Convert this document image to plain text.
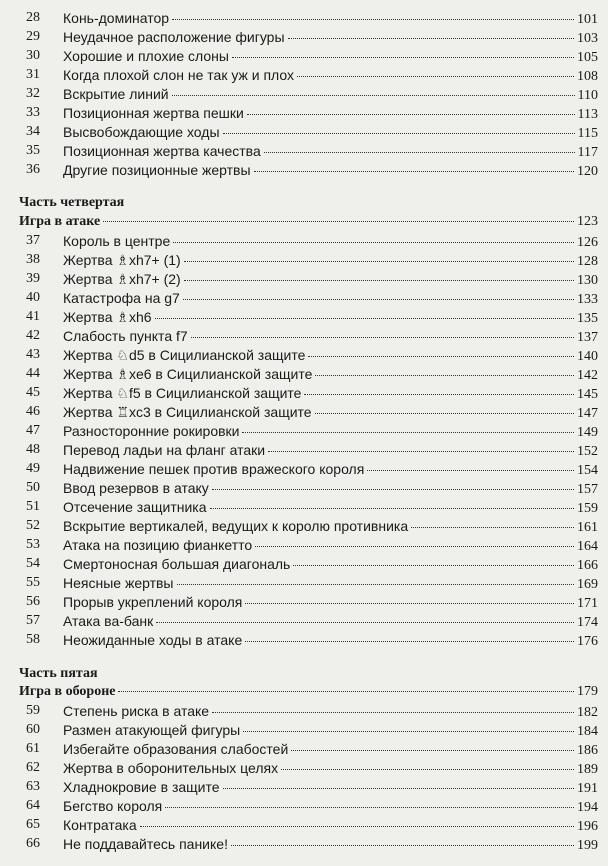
28 Конь-доминатор	101
29 Неудачное расположение фигуры	103
30 Хорошие и плохие слоны	105
31 Когда плохой слон не так уж и плох	108
32 Вскрытие линий	110
33 Позиционная жертва пешки	113
34 Высвобождающие ходы	115
35 Позиционная жертва качества	117
36 Другие позиционные жертвы	120
Часть четвертая
Игра в атаке	123
37 Король в центре	126
38 Жертва ♗xh7+ (1)	128
39 Жертва ♗xh7+ (2)	130
40 Катастрофа на g7	133
41 Жертва ♗xh6	135
42 Слабость пункта f7	137
43 Жертва ♘d5 в Сицилианской защите	140
44 Жертва ♗xe6 в Сицилианской защите	142
45 Жертва ♘f5 в Сицилианской защите	145
46 Жертва ♖xc3 в Сицилианской защите	147
47 Разносторонние рокировки	149
48 Перевод ладьи на фланг атаки	152
49 Надвижение пешек против вражеского короля	154
50 Ввод резервов в атаку	157
51 Отсечение защитника	159
52 Вскрытие вертикалей, ведущих к королю противника	161
53 Атака на позицию фианкетто	164
54 Смертоносная большая диагональ	166
55 Неясные жертвы	169
56 Прорыв укреплений короля	171
57 Атака ва-банк	174
58 Неожиданные ходы в атаке	176
Часть пятая
Игра в обороне	179
59 Степень риска в атаке	182
60 Размен атакующей фигуры	184
61 Избегайте образования слабостей	186
62 Жертва в оборонительных целях	189
63 Хладнокровие в защите	191
64 Бегство короля	194
65 Контратака	196
66 Не поддавайтесь панике!	199
